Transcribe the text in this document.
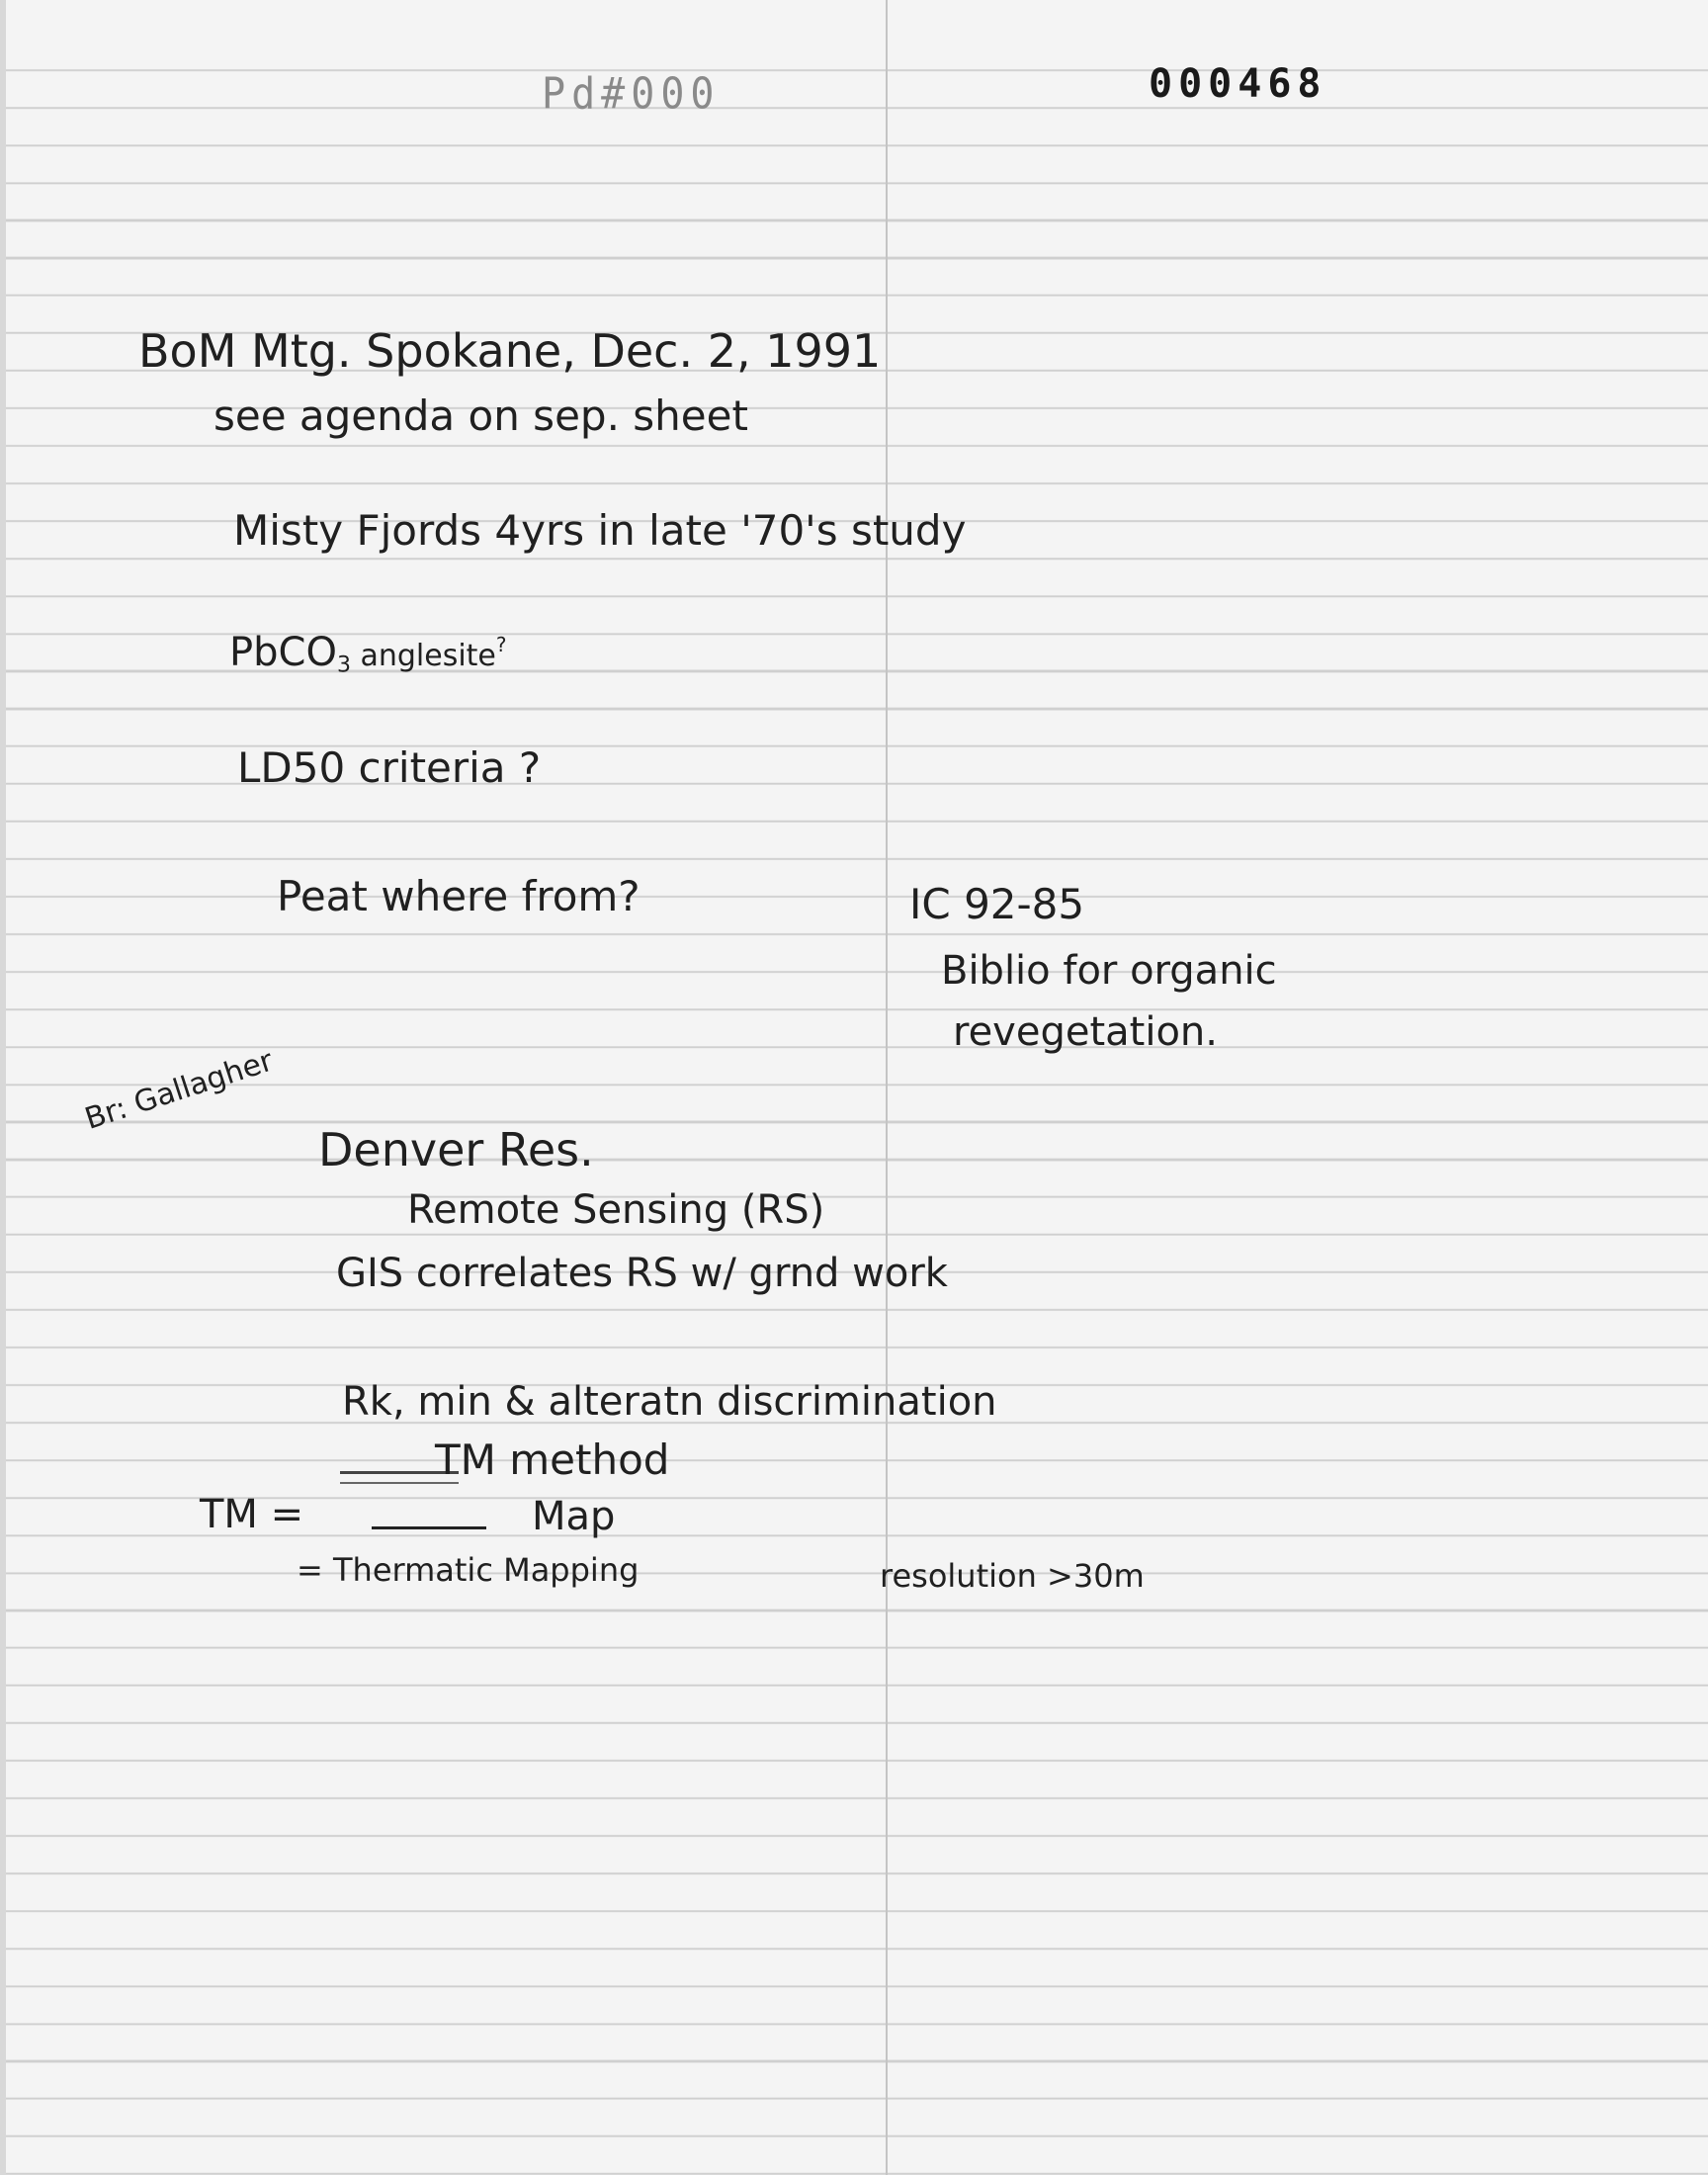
Pd#000	000468
BoM Mtg. Spokane, Dec. 2, 1991
see agenda on sep. sheet
Misty Fjords 4yrs in late '70's study
PbCO$_3$ anglesite?
LD50 criteria ?
Peat where from?	IC 92-85
Biblio for organic
revegetation.
Br: Gallagher
Denver Res.
Remote Sensing (RS)
GIS correlates RS w/ grnd work
Rk, min & alteratn discrimination
TM method
TM =	Map
= Thermatic Mapping	resolution >30m
